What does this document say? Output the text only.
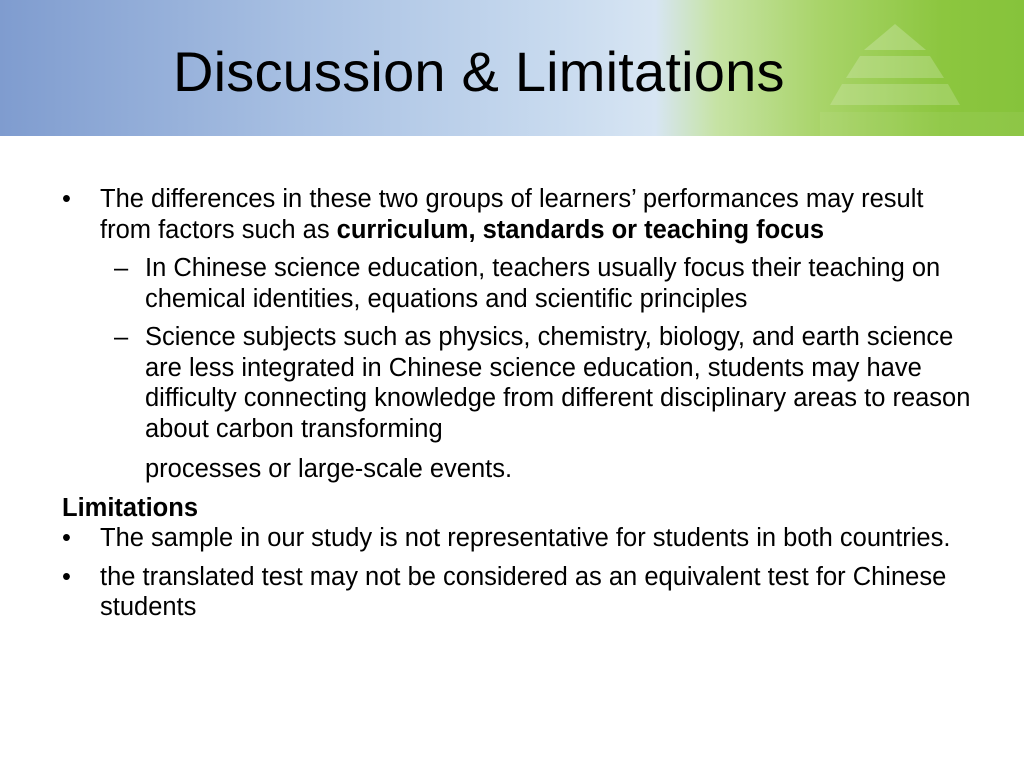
Discussion & Limitations
• The differences in these two groups of learners’ performances may result from factors such as curriculum, standards or teaching focus
– In Chinese science education, teachers usually focus their teaching on chemical identities, equations and scientific principles
– Science subjects such as physics, chemistry, biology, and earth science are less integrated in Chinese science education, students may have difficulty connecting knowledge from different disciplinary areas to reason about carbon transforming
processes or large-scale events.
Limitations
• The sample in our study is not representative for students in both countries.
• the translated test may not be considered as an equivalent test for Chinese students
